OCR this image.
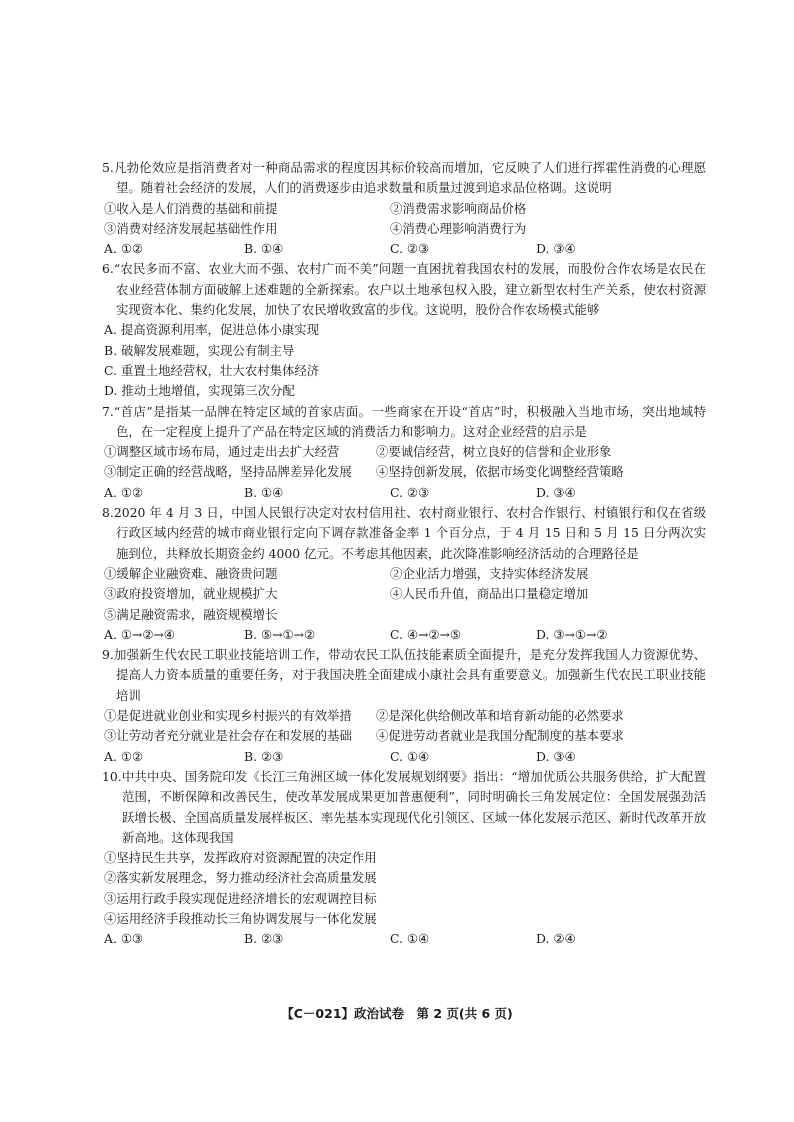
5.凡勃伦效应是指消费者对一种商品需求的程度因其标价较高而增加，它反映了人们进行挥霍性消费的心理愿望。随着社会经济的发展，人们的消费逐步由追求数量和质量过渡到追求品位格调。这说明

①收入是人们消费的基础和前提	②消费需求影响商品价格
③消费对经济发展起基础性作用	④消费心理影响消费行为
A. ①②	B. ①④	C. ②③	D. ③④

6.“农民多而不富、农业大而不强、农村广而不美”问题一直困扰着我国农村的发展，而股份合作农场是农民在农业经营体制方面破解上述难题的全新探索。农户以土地承包权入股，建立新型农村生产关系，使农村资源实现资本化、集约化发展，加快了农民增收致富的步伐。这说明，股份合作农场模式能够

A. 提高资源利用率，促进总体小康实现
B. 破解发展难题，实现公有制主导
C. 重置土地经营权，壮大农村集体经济
D. 推动土地增值，实现第三次分配

7.“首店”是指某一品牌在特定区域的首家店面。一些商家在开设“首店”时，积极融入当地市场，突出地域特色，在一定程度上提升了产品在特定区域的消费活力和影响力。这对企业经营的启示是

①调整区域市场布局，通过走出去扩大经营	②要诚信经营，树立良好的信誉和企业形象
③制定正确的经营战略，坚持品牌差异化发展	④坚持创新发展，依据市场变化调整经营策略
A. ①②	B. ①④	C. ②③	D. ③④

8.2020 年 4 月 3 日，中国人民银行决定对农村信用社、农村商业银行、农村合作银行、村镇银行和仅在省级行政区域内经营的城市商业银行定向下调存款准备金率 1 个百分点，于 4 月 15 日和 5 月 15 日分两次实施到位，共释放长期资金约 4000 亿元。不考虑其他因素，此次降准影响经济活动的合理路径是

①缓解企业融资难、融资贵问题	②企业活力增强，支持实体经济发展
③政府投资增加，就业规模扩大	④人民币升值，商品出口量稳定增加
⑤满足融资需求，融资规模增长
A. ①→②→④	B. ⑤→①→②	C. ④→②→⑤	D. ③→①→②

9.加强新生代农民工职业技能培训工作，带动农民工队伍技能素质全面提升，是充分发挥我国人力资源优势、提高人力资本质量的重要任务，对于我国决胜全面建成小康社会具有重要意义。加强新生代农民工职业技能培训

①是促进就业创业和实现乡村振兴的有效举措	②是深化供给侧改革和培育新动能的必然要求
③让劳动者充分就业是社会存在和发展的基础	④促进劳动者就业是我国分配制度的基本要求
A. ①②	B. ②③	C. ①④	D. ③④

10.中共中央、国务院印发《长江三角洲区域一体化发展规划纲要》指出：“增加优质公共服务供给，扩大配置范围，不断保障和改善民生，使改革发展成果更加普惠便利”，同时明确长三角发展定位：全国发展强劲活跃增长极、全国高质量发展样板区、率先基本实现现代化引领区、区域一体化发展示范区、新时代改革开放新高地。这体现我国

①坚持民生共享，发挥政府对资源配置的决定作用
②落实新发展理念，努力推动经济社会高质量发展
③运用行政手段实现促进经济增长的宏观调控目标
④运用经济手段推动长三角协调发展与一体化发展
A. ①③	B. ②③	C. ①④	D. ②④
【C－021】政治试卷　第 2 页(共 6 页)
